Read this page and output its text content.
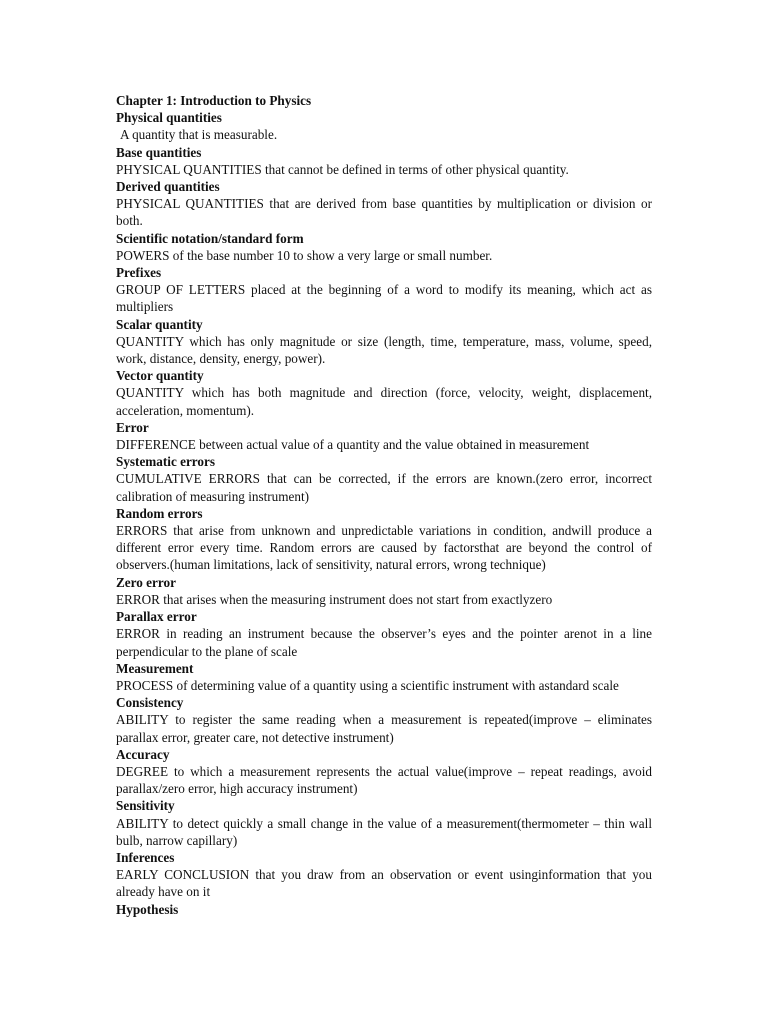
Chapter 1: Introduction to Physics

Physical quantities

A quantity that is measurable.

Base quantities

PHYSICAL QUANTITIES that cannot be defined in terms of other physical quantity.

Derived quantities

PHYSICAL QUANTITIES that are derived from base quantities by multiplication or division or both.

Scientific notation/standard form

POWERS of the base number 10 to show a very large or small number.

Prefixes

GROUP OF LETTERS placed at the beginning of a word to modify its meaning, which act as multipliers

Scalar quantity

QUANTITY which has only magnitude or size (length, time, temperature, mass, volume, speed, work, distance, density, energy, power).

Vector quantity

QUANTITY which has both magnitude and direction (force, velocity, weight, displacement, acceleration, momentum).

Error

DIFFERENCE between actual value of a quantity and the value obtained in measurement

Systematic errors

CUMULATIVE ERRORS that can be corrected, if the errors are known.(zero error, incorrect calibration of measuring instrument)

Random errors

ERRORS that arise from unknown and unpredictable variations in condition, andwill produce a different error every time. Random errors are caused by factorsthat are beyond the control of observers.(human limitations, lack of sensitivity, natural errors, wrong technique)

Zero error

ERROR that arises when the measuring instrument does not start from exactlyzero

Parallax error

ERROR in reading an instrument because the observer’s eyes and the pointer arenot in a line perpendicular to the plane of scale

Measurement

PROCESS of determining value of a quantity using a scientific instrument with astandard scale

Consistency

ABILITY to register the same reading when a measurement is repeated(improve – eliminates parallax error, greater care, not detective instrument)

Accuracy

DEGREE to which a measurement represents the actual value(improve – repeat readings, avoid parallax/zero error, high accuracy instrument)

Sensitivity

ABILITY to detect quickly a small change in the value of a measurement(thermometer – thin wall bulb, narrow capillary)

Inferences

EARLY CONCLUSION that you draw from an observation or event usinginformation that you already have on it

Hypothesis
